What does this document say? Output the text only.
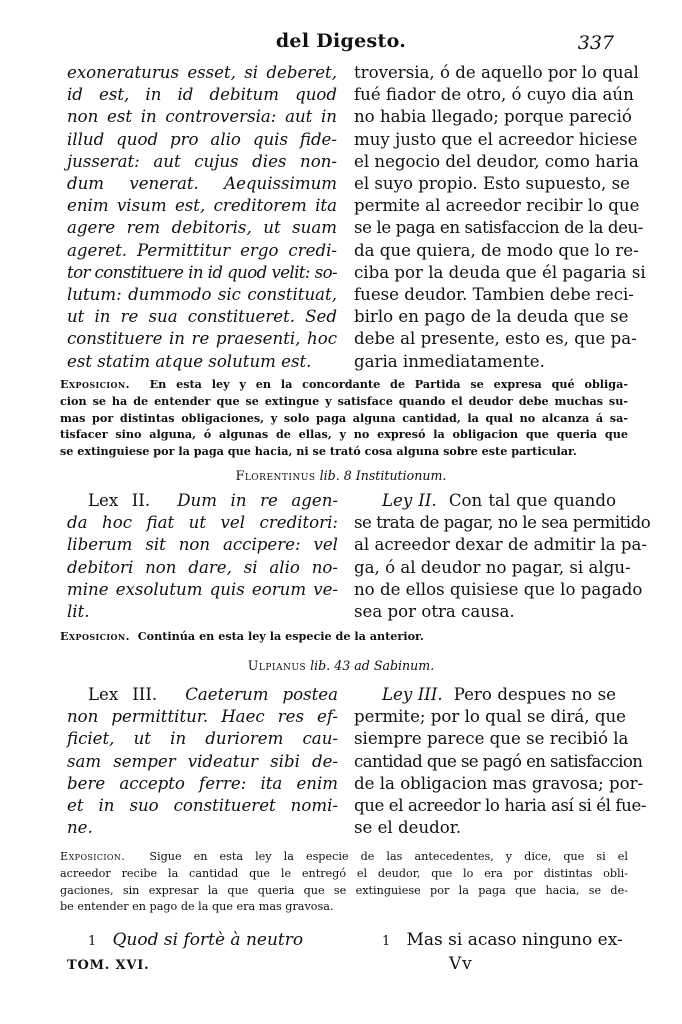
del Digesto.	337
exoneraturus esset, si deberet,
id est, in id debitum quod
non est in controversia: aut in
illud quod pro alio quis fide-
jusserat: aut cujus dies non-
dum venerat. Aequissimum
enim visum est, creditorem ita
agere rem debitoris, ut suam
ageret. Permittitur ergo credi-
tor constituere in id quod velit: so-
lutum: dummodo sic constituat,
ut in re sua constitueret. Sed
constituere in re praesenti, hoc
est statim atque solutum est.
troversia, ó de aquello por lo qual
fué fiador de otro, ó cuyo dia aún
no habia llegado; porque pareció
muy justo que el acreedor hiciese
el negocio del deudor, como haria
el suyo propio. Esto supuesto, se
permite al acreedor recibir lo que
se le paga en satisfaccion de la deu-
da que quiera, de modo que lo re-
ciba por la deuda que él pagaria si
fuese deudor. Tambien debe reci-
birlo en pago de la deuda que se
debe al presente, esto es, que pa-
garia inmediatamente.
Exposicion. En esta ley y en la concordante de Partida se expresa qué obliga-
cion se ha de entender que se extingue y satisface quando el deudor debe muchas su-
mas por distintas obligaciones, y solo paga alguna cantidad, la qual no alcanza á sa-
tisfacer sino alguna, ó algunas de ellas, y no expresó la obligacion que queria que
se extinguiese por la paga que hacia, ni se trató cosa alguna sobre este particular.
Florentinus lib. 8 Institutionum.
Lex II. Dum in re agen-
da hoc fiat ut vel creditori:
liberum sit non accipere: vel
debitori non dare, si alio no-
mine exsolutum quis eorum ve-
lit.
Ley II. Con tal que quando
se trata de pagar, no le sea permitido
al acreedor dexar de admitir la pa-
ga, ó al deudor no pagar, si algu-
no de ellos quisiese que lo pagado
sea por otra causa.
Exposicion. Continúa en esta ley la especie de la anterior.
Ulpianus lib. 43 ad Sabinum.
Lex III. Caeterum postea
non permittitur. Haec res ef-
ficiet, ut in duriorem cau-
sam semper videatur sibi de-
bere accepto ferre: ita enim
et in suo constitueret nomi-
ne.
Ley III. Pero despues no se
permite; por lo qual se dirá, que
siempre parece que se recibió la
cantidad que se pagó en satisfaccion
de la obligacion mas gravosa; por-
que el acreedor lo haria así si él fue-
se el deudor.
Exposicion. Sigue en esta ley la especie de las antecedentes, y dice, que si el
acreedor recibe la cantidad que le entregó el deudor, que lo era por distintas obli-
gaciones, sin expresar la que queria que se extinguiese por la paga que hacia, se de-
be entender en pago de la que era mas gravosa.
1 Quod si fortè à neutro	1 Mas si acaso ninguno ex-
TOM. XVI.	Vv
